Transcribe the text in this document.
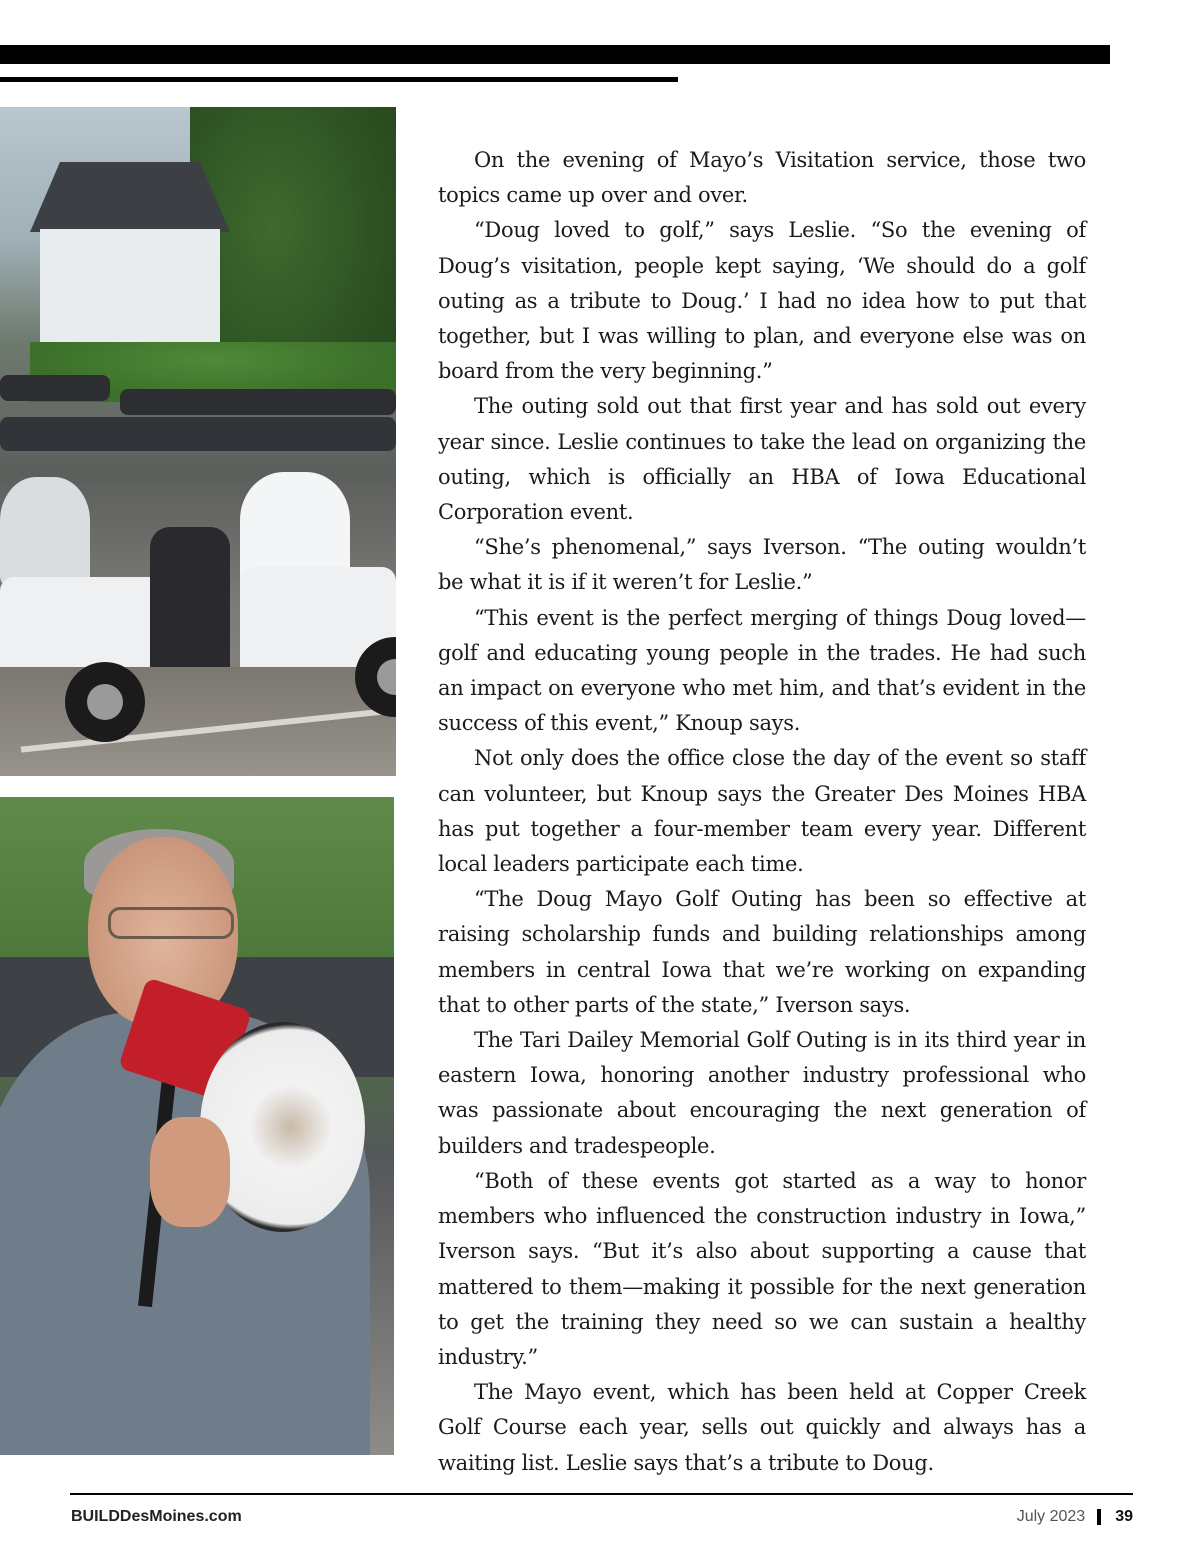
On the evening of Mayo’s Visitation service, those two topics came up over and over.

“Doug loved to golf,” says Leslie. “So the evening of Doug’s visitation, people kept saying, ‘We should do a golf outing as a tribute to Doug.’ I had no idea how to put that together, but I was willing to plan, and everyone else was on board from the very beginning.”

The outing sold out that first year and has sold out every year since. Leslie continues to take the lead on organizing the outing, which is officially an HBA of Iowa Educational Corporation event.

“She’s phenomenal,” says Iverson. “The outing wouldn’t be what it is if it weren’t for Leslie.”

“This event is the perfect merging of things Doug loved—golf and educating young people in the trades. He had such an impact on everyone who met him, and that’s evident in the success of this event,” Knoup says.

Not only does the office close the day of the event so staff can volunteer, but Knoup says the Greater Des Moines HBA has put together a four-member team every year. Different local leaders participate each time.

“The Doug Mayo Golf Outing has been so effective at raising scholarship funds and building relationships among members in central Iowa that we’re working on expanding that to other parts of the state,” Iverson says.

The Tari Dailey Memorial Golf Outing is in its third year in eastern Iowa, honoring another industry professional who was passionate about encouraging the next generation of builders and tradespeople.

“Both of these events got started as a way to honor members who influenced the construction industry in Iowa,” Iverson says. “But it’s also about supporting a cause that mattered to them—making it possible for the next generation to get the training they need so we can sustain a healthy industry.”

The Mayo event, which has been held at Copper Creek Golf Course each year, sells out quickly and always has a waiting list. Leslie says that’s a tribute to Doug.

BUILDDesMoines.com	July 2023 39
